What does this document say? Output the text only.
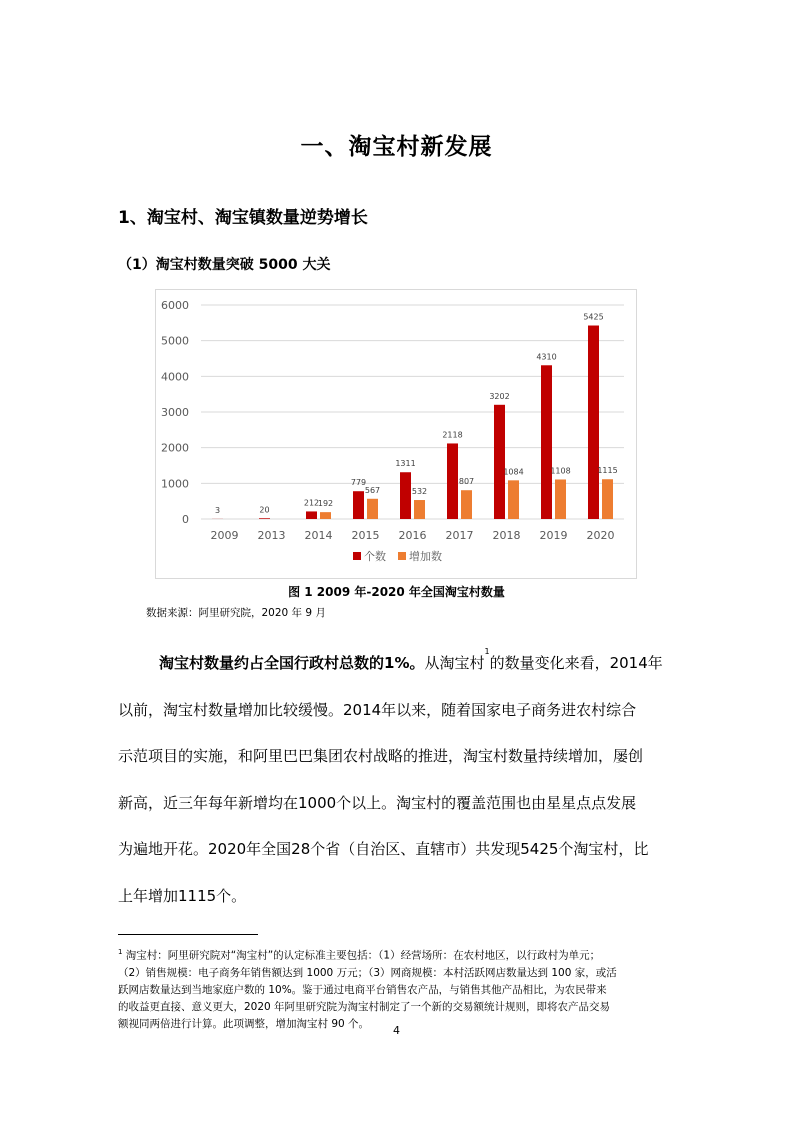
一、淘宝村新发展
1、淘宝村、淘宝镇数量逆势增长
（1）淘宝村数量突破 5000 大关
0
1000
2000
3000
4000
5000
6000
2009
3
2013
20
2014
212
192
2015
779
567
2016
1311
532
2017
2118
807
2018
3202
1084
2019
4310
1108
2020
5425
1115
个数 增加数
图 1 2009 年-2020 年全国淘宝村数量
数据来源：阿里研究院，2020 年 9 月
淘宝村数量约占全国行政村总数的1%。从淘宝村$^1$的数量变化来看，2014年
以前，淘宝村数量增加比较缓慢。2014年以来，随着国家电子商务进农村综合
示范项目的实施，和阿里巴巴集团农村战略的推进，淘宝村数量持续增加，屡创
新高，近三年每年新增均在1000个以上。淘宝村的覆盖范围也由星星点点发展
为遍地开花。2020年全国28个省（自治区、直辖市）共发现5425个淘宝村，比
上年增加1115个。
$^1$ 淘宝村：阿里研究院对“淘宝村”的认定标准主要包括：（1）经营场所：在农村地区，以行政村为单元；
（2）销售规模：电子商务年销售额达到 1000 万元；（3）网商规模：本村活跃网店数量达到 100 家，或活
跃网店数量达到当地家庭户数的 10%。鉴于通过电商平台销售农产品，与销售其他产品相比，为农民带来
的收益更直接、意义更大，2020 年阿里研究院为淘宝村制定了一个新的交易额统计规则，即将农产品交易
额视同两倍进行计算。此项调整，增加淘宝村 90 个。
4
